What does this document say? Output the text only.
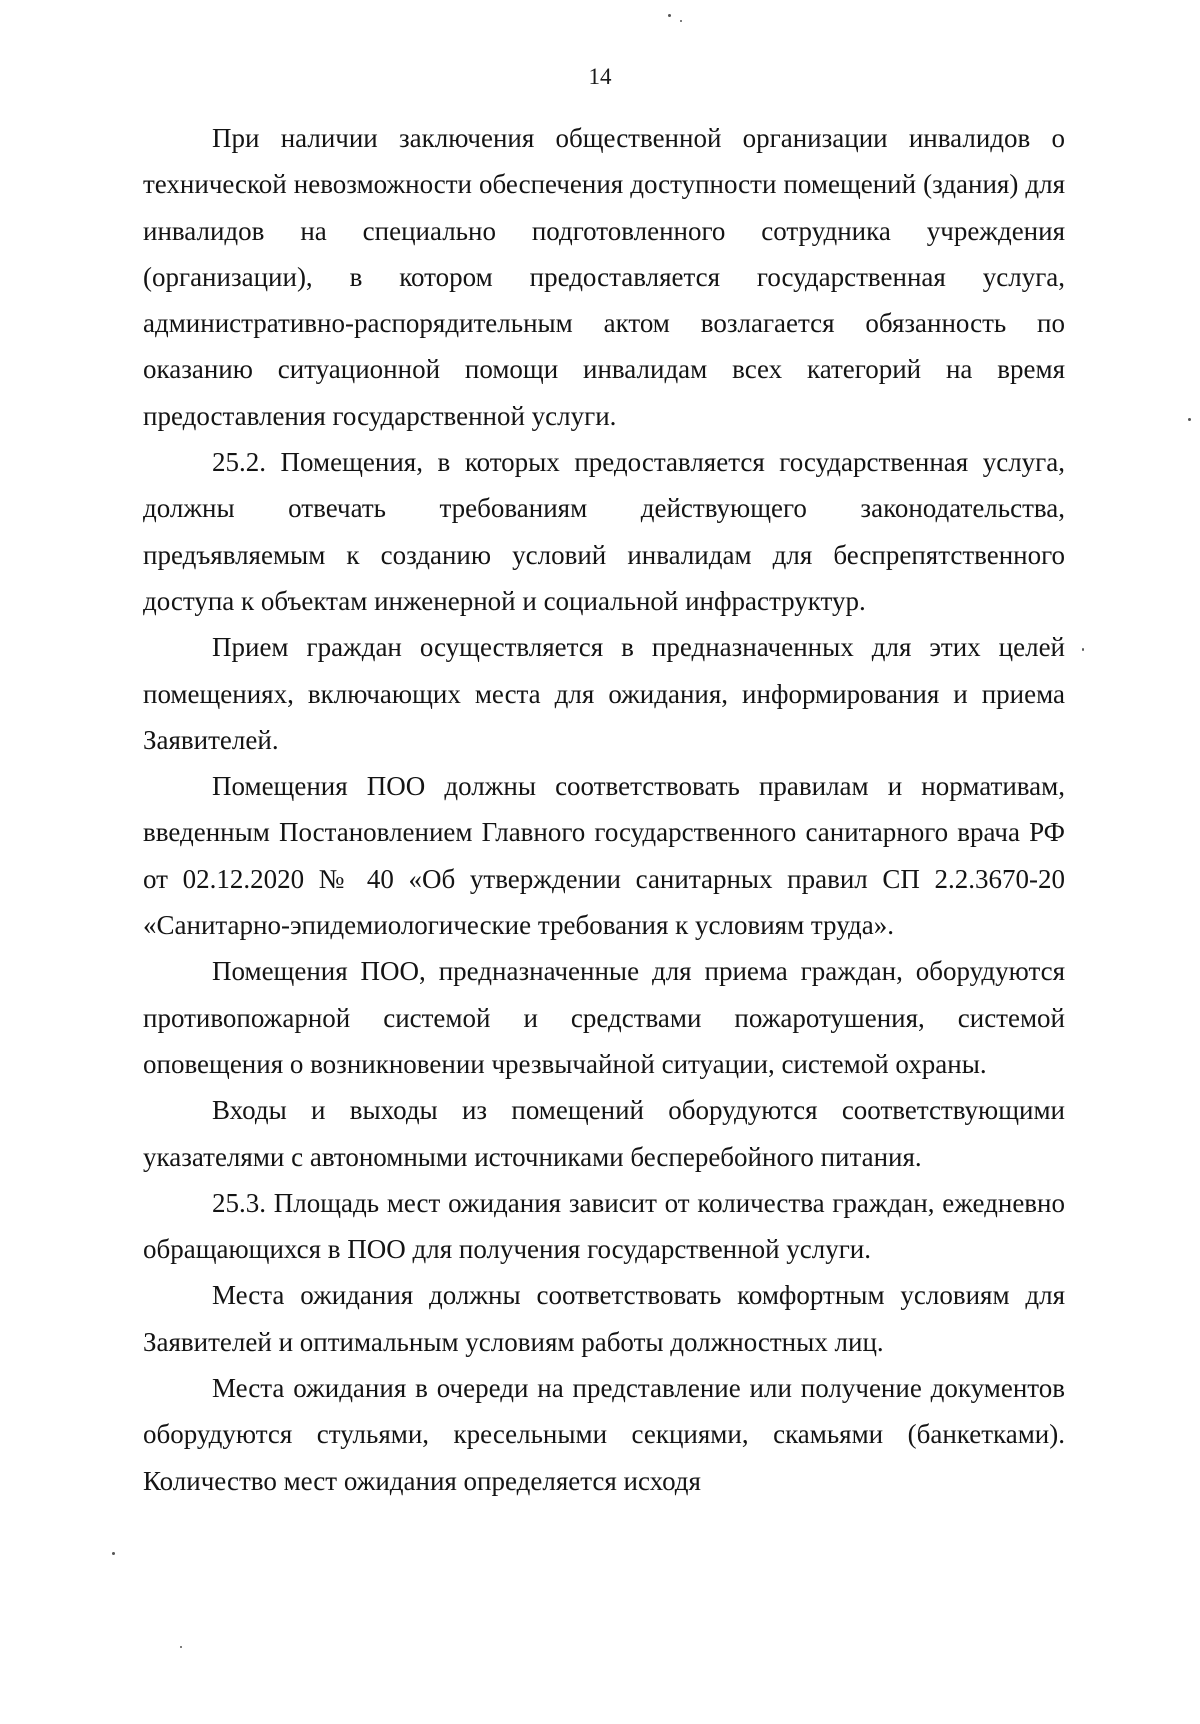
14

При наличии заключения общественной организации инвалидов о технической невозможности обеспечения доступности помещений (здания) для инвалидов на специально подготовленного сотрудника учреждения (организации), в котором предоставляется государственная услуга, административно-распорядительным актом возлагается обязанность по оказанию ситуационной помощи инвалидам всех категорий на время предоставления государственной услуги.

25.2. Помещения, в которых предоставляется государственная услуга, должны отвечать требованиям действующего законодательства, предъявляемым к созданию условий инвалидам для беспрепятственного доступа к объектам инженерной и социальной инфраструктур.

Прием граждан осуществляется в предназначенных для этих целей помещениях, включающих места для ожидания, информирования и приема Заявителей.

Помещения ПОО должны соответствовать правилам и нормативам, введенным Постановлением Главного государственного санитарного врача РФ от 02.12.2020 № 40 «Об утверждении санитарных правил СП 2.2.3670-20 «Санитарно-эпидемиологические требования к условиям труда».

Помещения ПОО, предназначенные для приема граждан, оборудуются противопожарной системой и средствами пожаротушения, системой оповещения о возникновении чрезвычайной ситуации, системой охраны.

Входы и выходы из помещений оборудуются соответствующими указателями с автономными источниками бесперебойного питания.

25.3. Площадь мест ожидания зависит от количества граждан, ежедневно обращающихся в ПОО для получения государственной услуги.

Места ожидания должны соответствовать комфортным условиям для Заявителей и оптимальным условиям работы должностных лиц.

Места ожидания в очереди на представление или получение документов оборудуются стульями, кресельными секциями, скамьями (банкетками). Количество мест ожидания определяется исходя
